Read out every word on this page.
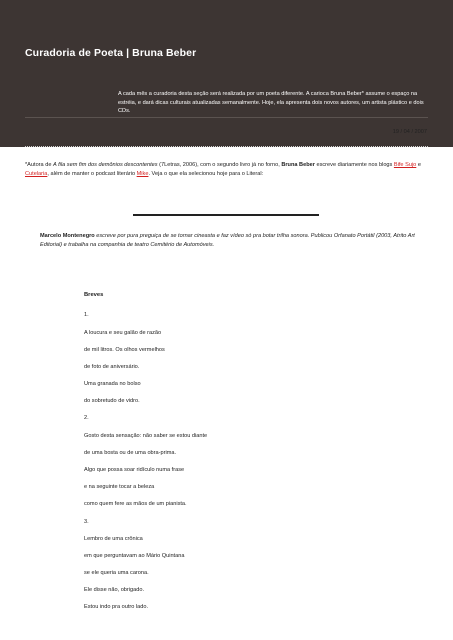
Curadoria de Poeta | Bruna Beber

A cada mês a curadoria desta seção será realizada por um poeta diferente. A carioca Bruna Beber* assume o espaço na estréia, e dará dicas culturais atualizadas semanalmente. Hoje, ela apresenta dois novos autores, um artista plástico e dois CDs.

19 / 04 / 2007

*Autora de A fila sem fim dos demônios descontentes (7Letras, 2006), com o segundo livro já no forno, Bruna Beber escreve diariamente nos blogs Bife Sujo e Cutelaria, além de manter o podcast literário Mike. Veja o que ela selecionou hoje para o Literal:

Marcelo Montenegro escreve por pura preguiça de se tornar cineasta e faz vídeo só pra botar trilha sonora. Publicou Orfanato Portátil (2003, Atrito Art Editorial) e trabalha na companhia de teatro Cemitério de Automóveis.

Breves

1.

A loucura e seu galão de razão

de mil litros. Os olhos vermelhos

de foto de aniversário.

Uma granada no bolso

do sobretudo de vidro.

2.

Gosto desta sensação: não saber se estou diante

de uma bosta ou de uma obra-prima.

Algo que possa soar ridículo numa frase

e na seguinte tocar a beleza

como quem fere as mãos de um pianista.

3.

Lembro de uma crônica

em que perguntavam ao Mário Quintana

se ele queria uma carona.

Ele disse não, obrigado.

Estou indo pra outro lado.
